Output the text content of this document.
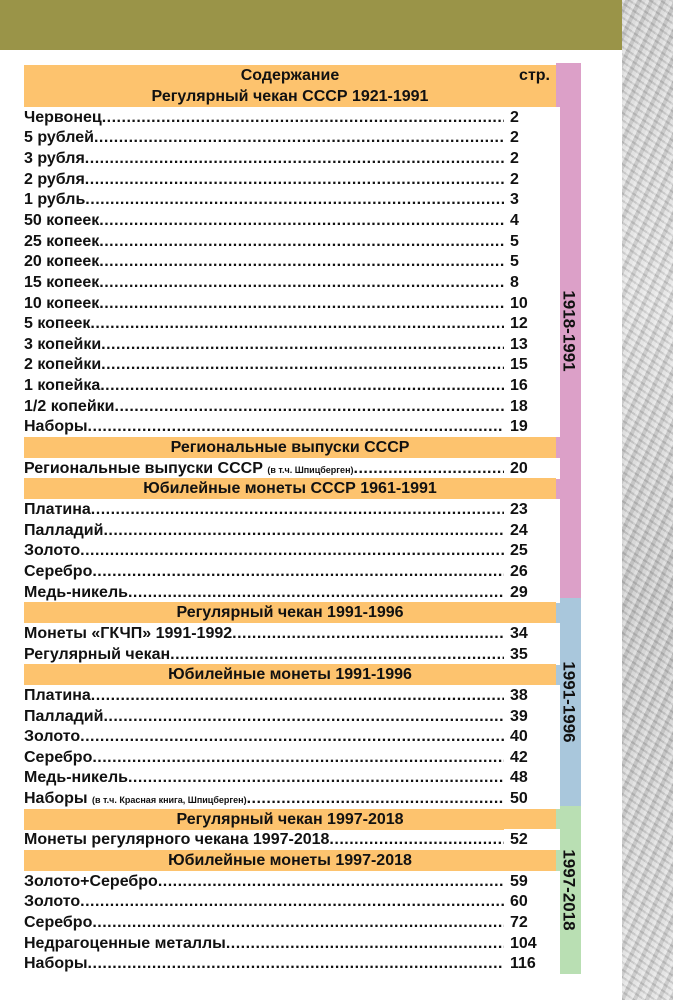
1918-1991
1991-1996
1997-2018
Содержание	стр.
Регулярный чекан СССР 1921-1991
Червонец .....	2
5 рублей .....	2
3 рубля .....	2
2 рубля .....	2
1 рубль .....	3
50 копеек .....	4
25 копеек .....	5
20 копеек .....	5
15 копеек .....	8
10 копеек .....	10
5 копеек .....	12
3 копейки .....	13
2 копейки .....	15
1 копейка .....	16
1/2 копейки .....	18
Наборы .....	19
Региональные выпуски СССР
Региональные выпуски СССР (в т.ч. Шпицберген) .....	20
Юбилейные монеты СССР 1961-1991
Платина .....	23
Палладий .....	24
Золото .....	25
Серебро .....	26
Медь-никель .....	29
Регулярный чекан 1991-1996
Монеты «ГКЧП» 1991-1992 .....	34
Регулярный чекан .....	35
Юбилейные монеты 1991-1996
Платина .....	38
Палладий .....	39
Золото .....	40
Серебро .....	42
Медь-никель .....	48
Наборы (в т.ч. Красная книга, Шпицберген) .....	50
Регулярный чекан 1997-2018
Монеты регулярного чекана 1997-2018 .....	52
Юбилейные монеты 1997-2018
Золото+Серебро .....	59
Золото .....	60
Серебро .....	72
Недрагоценные металлы .....	104
Наборы .....	116
